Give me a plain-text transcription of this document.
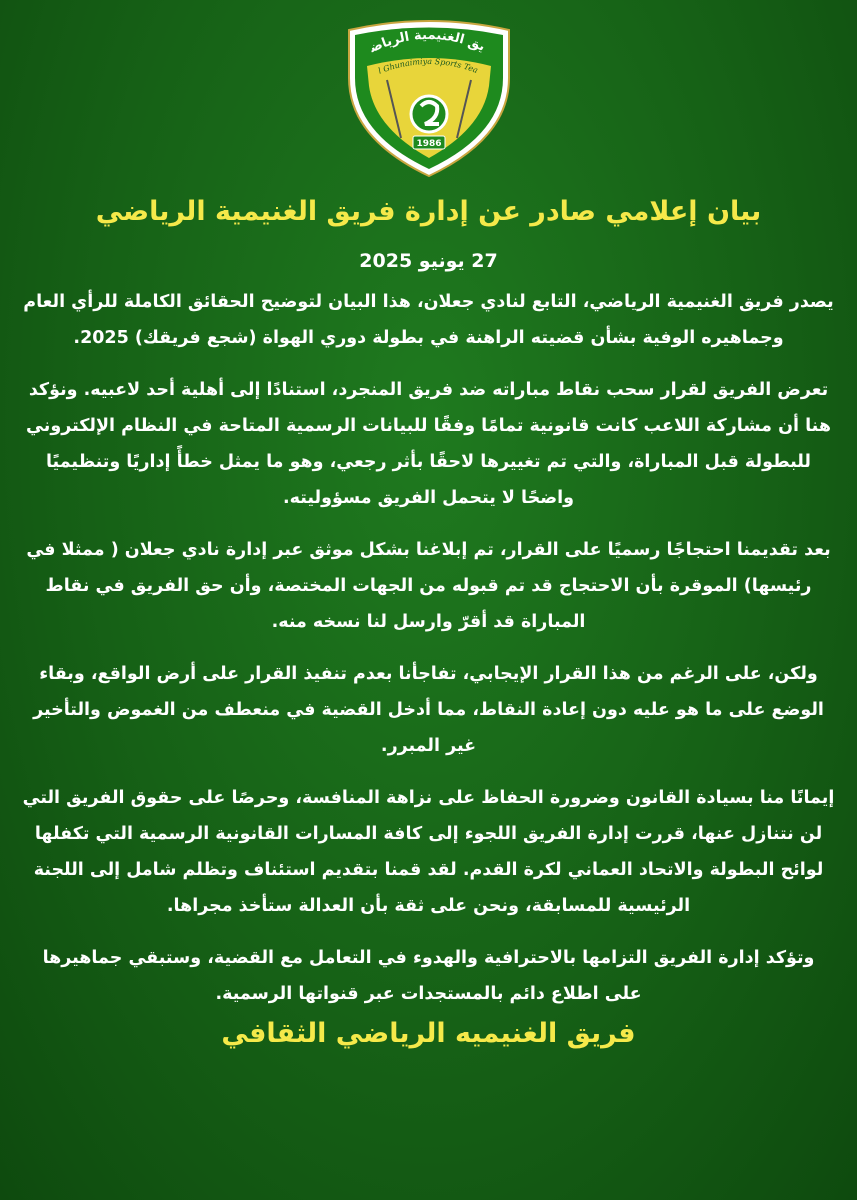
يق الغنيمية الرياض
l Ghunaimiya Sports Tea
1986
بيان إعلامي صادر عن إدارة فريق الغنيمية الرياضي
27 يونيو 2025

يصدر فريق الغنيمية الرياضي، التابع لنادي جعلان، هذا البيان لتوضيح الحقائق الكاملة للرأي العام وجماهيره الوفية بشأن قضيته الراهنة في بطولة دوري الهواة (شجع فريقك) 2025.

تعرض الفريق لقرار سحب نقاط مباراته ضد فريق المنجرد، استنادًا إلى أهلية أحد لاعبيه. ونؤكد هنا أن مشاركة اللاعب كانت قانونية تمامًا وفقًا للبيانات الرسمية المتاحة في النظام الإلكتروني للبطولة قبل المباراة، والتي تم تغييرها لاحقًا بأثر رجعي، وهو ما يمثل خطأً إداريًا وتنظيميًا واضحًا لا يتحمل الفريق مسؤوليته.

بعد تقديمنا احتجاجًا رسميًا على القرار، تم إبلاغنا بشكل موثق عبر إدارة نادي جعلان ( ممثلا في رئيسها) الموقرة بأن الاحتجاج قد تم قبوله من الجهات المختصة، وأن حق الفريق في نقاط المباراة قد أقرّ وارسل لنا نسخه منه.

ولكن، على الرغم من هذا القرار الإيجابي، تفاجأنا بعدم تنفيذ القرار على أرض الواقع، وبقاء الوضع على ما هو عليه دون إعادة النقاط، مما أدخل القضية في منعطف من الغموض والتأخير غير المبرر.

إيمانًا منا بسيادة القانون وضرورة الحفاظ على نزاهة المنافسة، وحرصًا على حقوق الفريق التي لن نتنازل عنها، قررت إدارة الفريق اللجوء إلى كافة المسارات القانونية الرسمية التي تكفلها لوائح البطولة والاتحاد العماني لكرة القدم. لقد قمنا بتقديم استئناف وتظلم شامل إلى اللجنة الرئيسية للمسابقة، ونحن على ثقة بأن العدالة ستأخذ مجراها.

وتؤكد إدارة الفريق التزامها بالاحترافية والهدوء في التعامل مع القضية، وستبقي جماهيرها على اطلاع دائم بالمستجدات عبر قنواتها الرسمية.

فريق الغنيميه الرياضي الثقافي
